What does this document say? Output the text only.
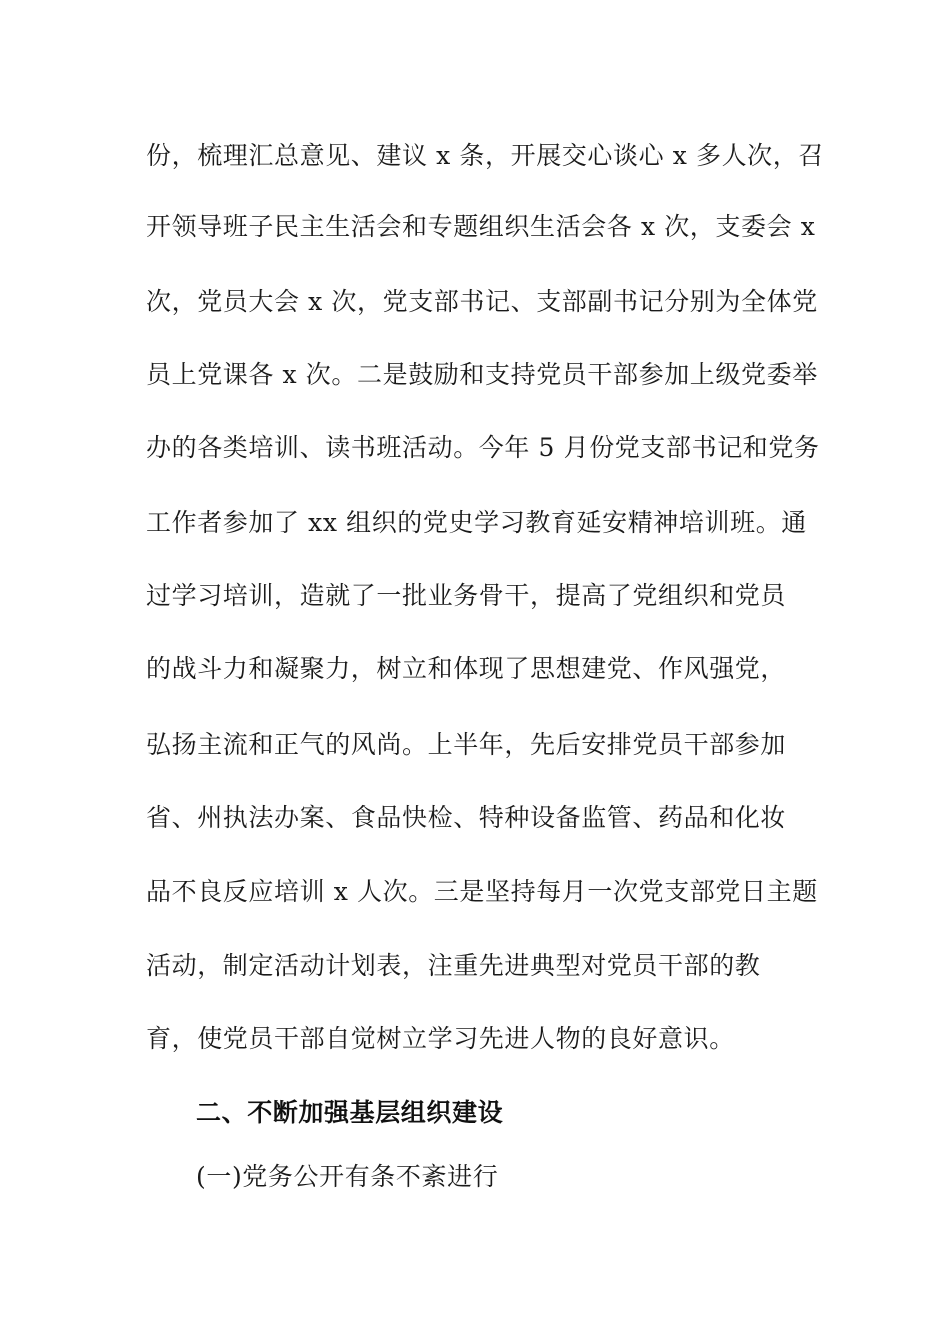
份，梳理汇总意见、建议 x 条，开展交心谈心 x 多人次，召
开领导班子民主生活会和专题组织生活会各 x 次，支委会 x
次，党员大会 x 次，党支部书记、支部副书记分别为全体党
员上党课各 x 次。二是鼓励和支持党员干部参加上级党委举
办的各类培训、读书班活动。今年 5 月份党支部书记和党务
工作者参加了 xx 组织的党史学习教育延安精神培训班。通
过学习培训，造就了一批业务骨干，提高了党组织和党员
的战斗力和凝聚力，树立和体现了思想建党、作风强党，
弘扬主流和正气的风尚。上半年，先后安排党员干部参加
省、州执法办案、食品快检、特种设备监管、药品和化妆
品不良反应培训 x 人次。三是坚持每月一次党支部党日主题
活动，制定活动计划表，注重先进典型对党员干部的教
育，使党员干部自觉树立学习先进人物的良好意识。
二、不断加强基层组织建设
(一)党务公开有条不紊进行
